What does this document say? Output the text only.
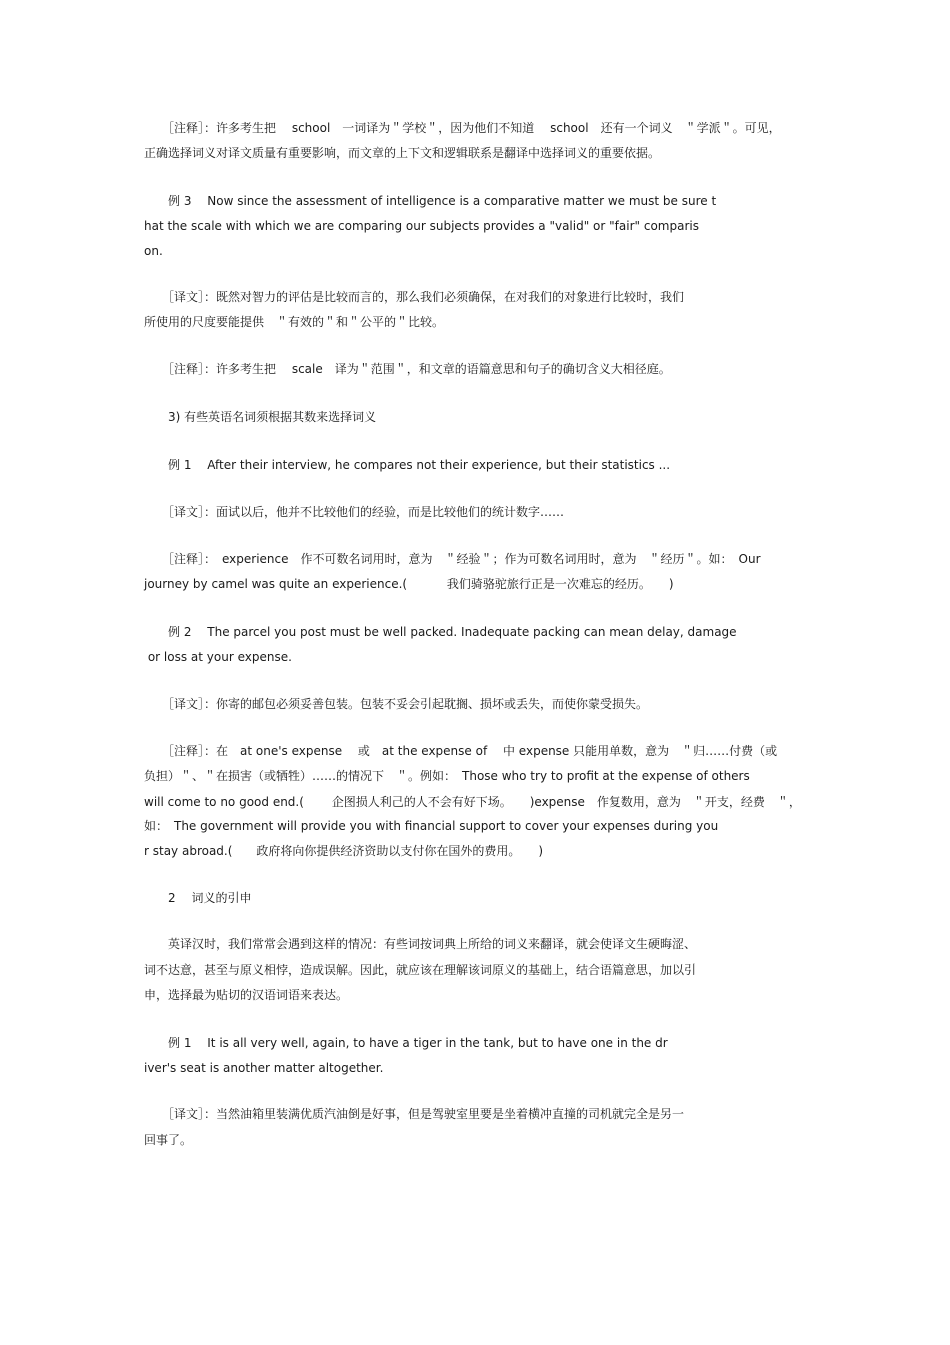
　　［注释］：许多考生把　 school　一词译为＂学校＂，因为他们不知道　 school　还有一个词义　＂学派＂。可见，
正确选择词义对译文质量有重要影响，而文章的上下文和逻辑联系是翻译中选择词义的重要依据。
　　例 3　 Now since the assessment of intelligence is a comparative matter we must be sure t
hat the scale with which we are comparing our subjects provides a "valid" or "fair" comparis
on.
　　［译文］：既然对智力的评估是比较而言的，那么我们必须确保，在对我们的对象进行比较时，我们
所使用的尺度要能提供　＂有效的＂和＂公平的＂比较。
　　［注释］：许多考生把　 scale　译为＂范围＂，和文章的语篇意思和句子的确切含义大相径庭。
　　3) 有些英语名词须根据其数来选择词义
　　例 1　 After their interview, he compares not their experience, but their statistics ...
　　［译文］：面试以后，他并不比较他们的经验，而是比较他们的统计数字……
　　［注释］：　experience　作不可数名词用时，意为　＂经验＂；作为可数名词用时，意为　＂经历＂。如：　Our
journey by camel was quite an experience.(　　　 我们骑骆驼旅行正是一次难忘的经历。　　)
　　例 2　 The parcel you post must be well packed. Inadequate packing can mean delay, damage
or loss at your expense.
　　［译文］：你寄的邮包必须妥善包装。包装不妥会引起耽搁、损坏或丢失，而使你蒙受损失。
　　［注释］：在　at one's expense　 或　at the expense of　 中 expense 只能用单数，意为　＂归……付费（或
负担）＂、＂在损害（或牺牲）……的情况下　＂。例如：　Those who try to profit at the expense of others
will come to no good end.(　　 企图损人利己的人不会有好下场。　　)expense　作复数用，意为　＂开支，经费　＂，
如：　The government will provide you with financial support to cover your expenses during you
r stay abroad.(　　政府将向你提供经济资助以支付你在国外的费用。　　)
　　2　 词义的引申
　　英译汉时，我们常常会遇到这样的情况：有些词按词典上所给的词义来翻译，就会使译文生硬晦涩、
词不达意，甚至与原义相悖，造成误解。因此，就应该在理解该词原义的基础上，结合语篇意思，加以引
申，选择最为贴切的汉语词语来表达。
　　例 1　 It is all very well, again, to have a tiger in the tank, but to have one in the dr
iver's seat is another matter altogether.
　　［译文］：当然油箱里装满优质汽油倒是好事，但是驾驶室里要是坐着横冲直撞的司机就完全是另一
回事了。
